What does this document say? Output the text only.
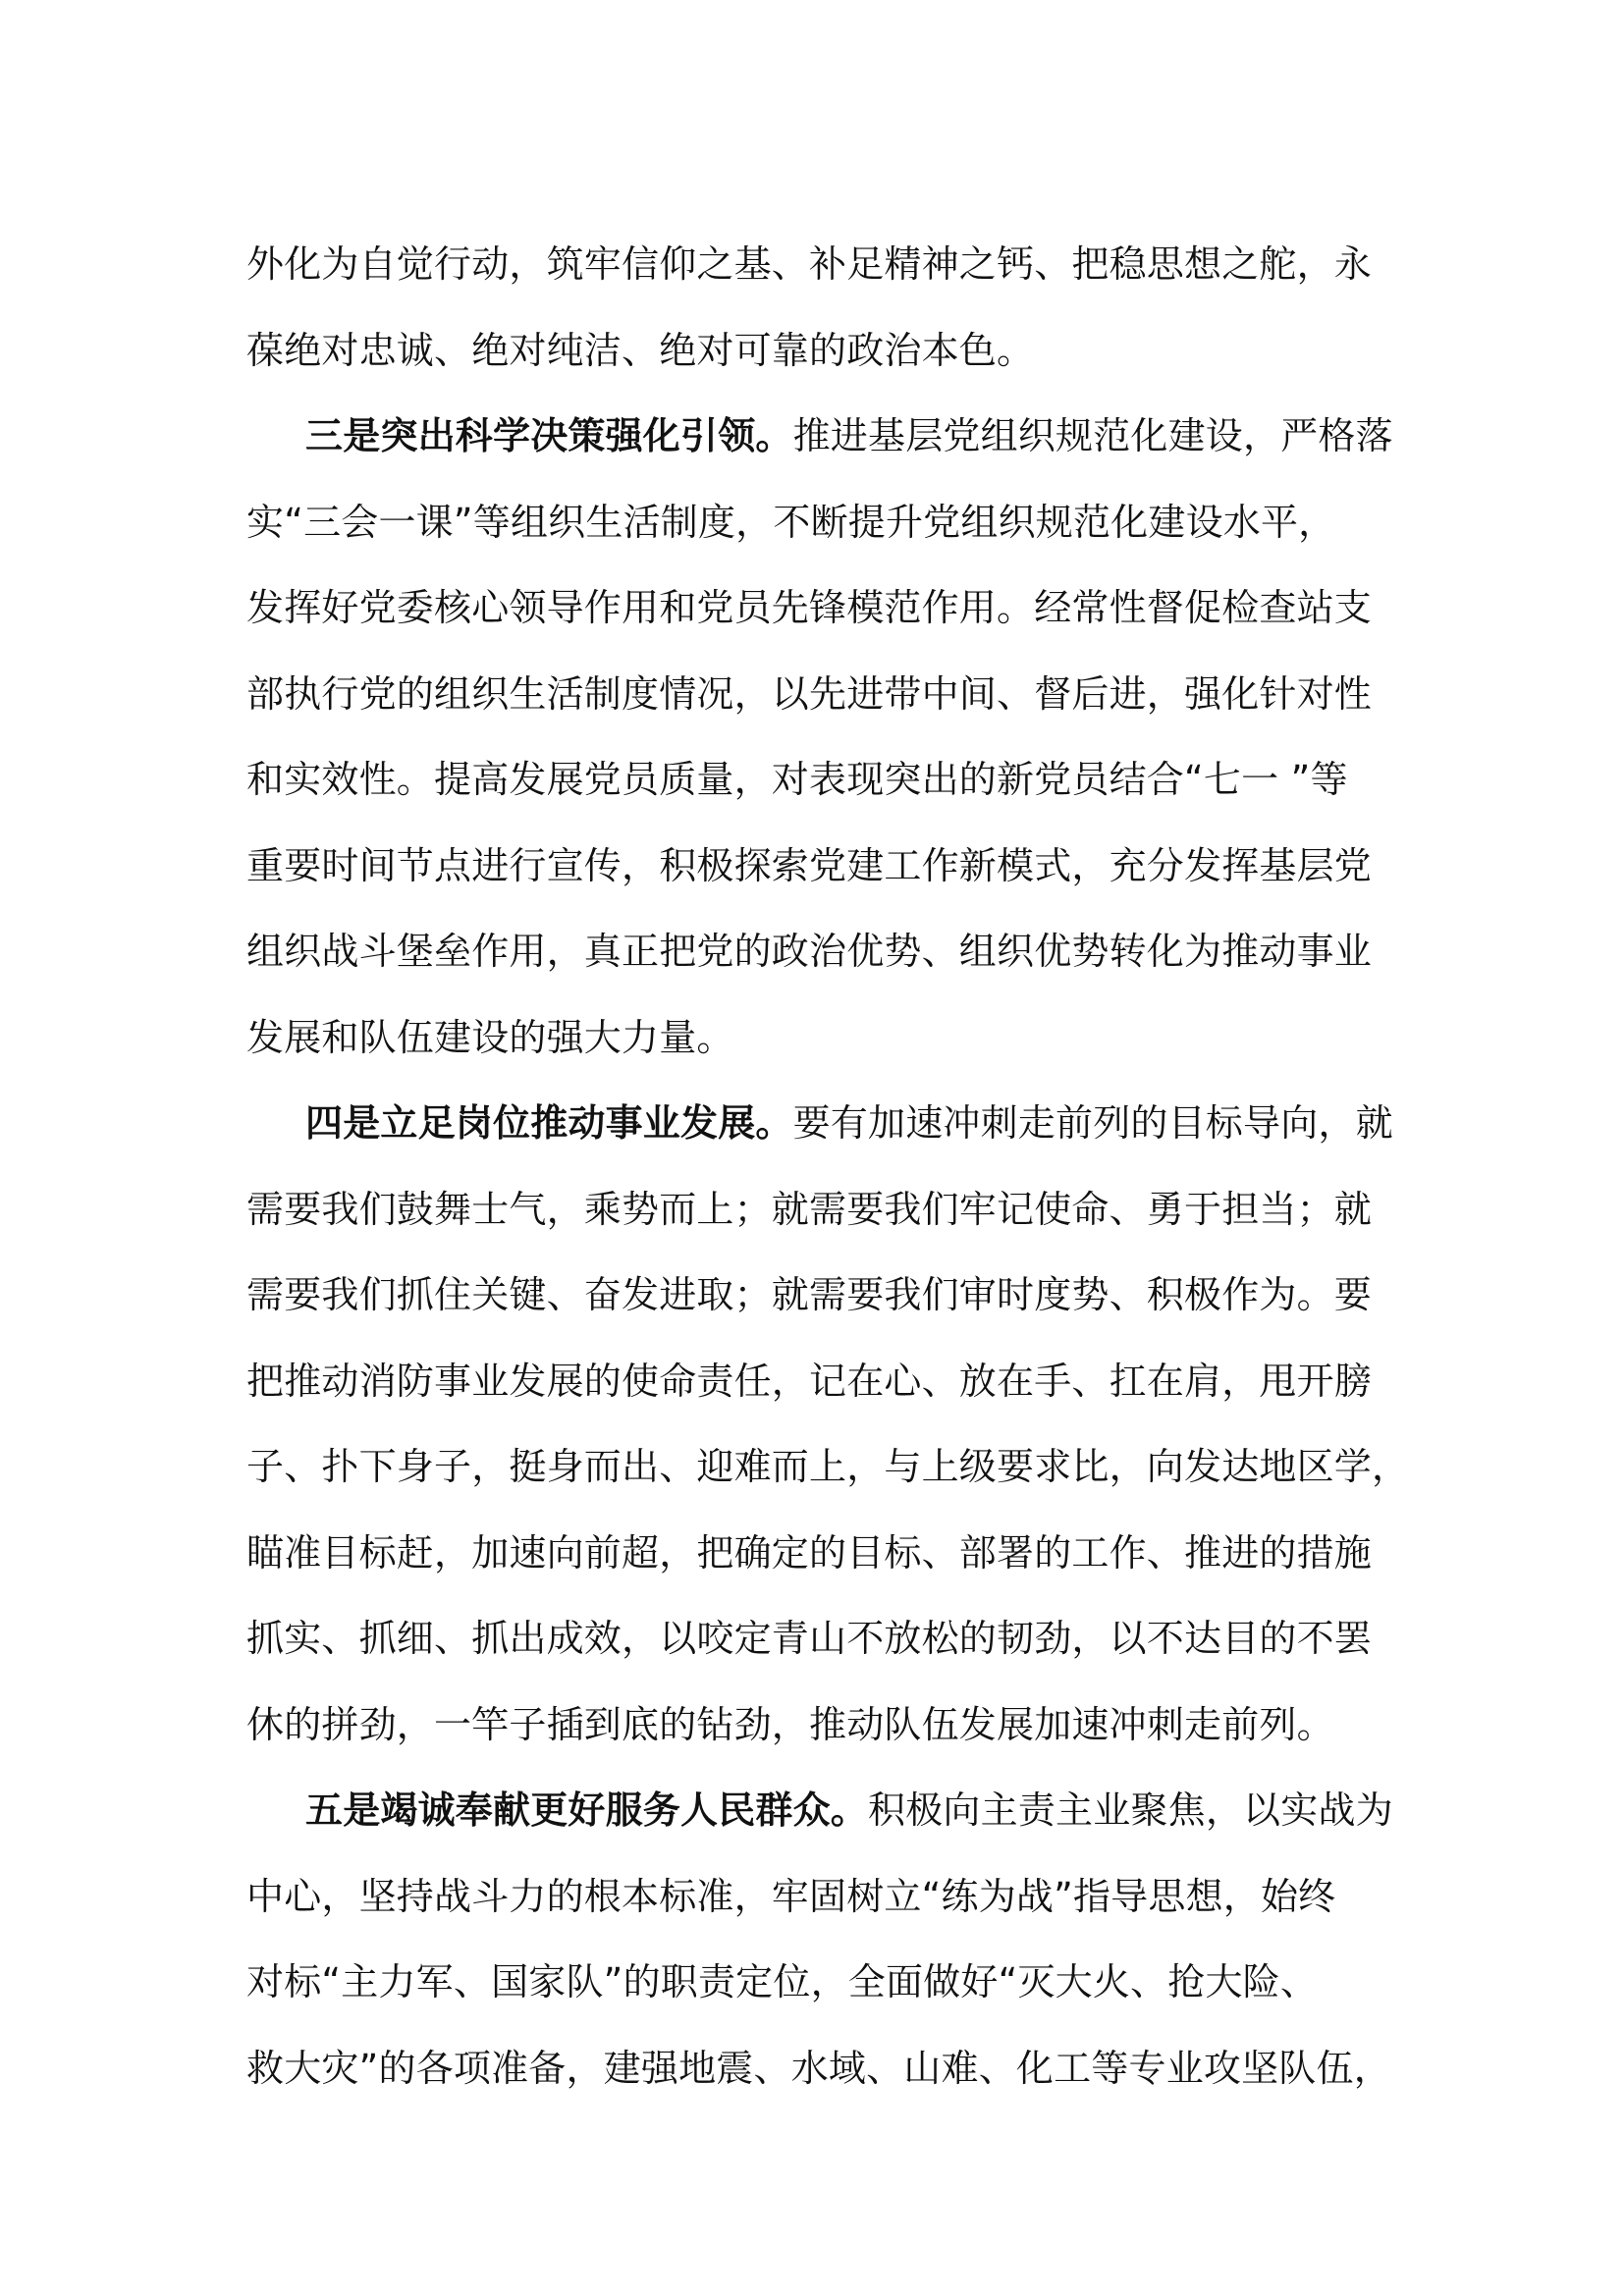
外化为自觉行动，筑牢信仰之基、补足精神之钙、把稳思想之舵，永
葆绝对忠诚、绝对纯洁、绝对可靠的政治本色。
三是突出科学决策强化引领。推进基层党组织规范化建设，严格落
实“三会一课”等组织生活制度，不断提升党组织规范化建设水平，
发挥好党委核心领导作用和党员先锋模范作用。经常性督促检查站支
部执行党的组织生活制度情况，以先进带中间、督后进，强化针对性
和实效性。提高发展党员质量，对表现突出的新党员结合“七一 ”等
重要时间节点进行宣传，积极探索党建工作新模式，充分发挥基层党
组织战斗堡垒作用，真正把党的政治优势、组织优势转化为推动事业
发展和队伍建设的强大力量。
四是立足岗位推动事业发展。要有加速冲刺走前列的目标导向，就
需要我们鼓舞士气，乘势而上；就需要我们牢记使命、勇于担当；就
需要我们抓住关键、奋发进取；就需要我们审时度势、积极作为。要
把推动消防事业发展的使命责任，记在心、放在手、扛在肩，甩开膀
子、扑下身子，挺身而出、迎难而上，与上级要求比，向发达地区学，
瞄准目标赶，加速向前超，把确定的目标、部署的工作、推进的措施
抓实、抓细、抓出成效，以咬定青山不放松的韧劲，以不达目的不罢
休的拼劲，一竿子插到底的钻劲，推动队伍发展加速冲刺走前列。
五是竭诚奉献更好服务人民群众。积极向主责主业聚焦，以实战为
中心，坚持战斗力的根本标准，牢固树立“练为战”指导思想，始终
对标“主力军、国家队”的职责定位，全面做好“灭大火、抢大险、
救大灾”的各项准备，建强地震、水域、山难、化工等专业攻坚队伍，
